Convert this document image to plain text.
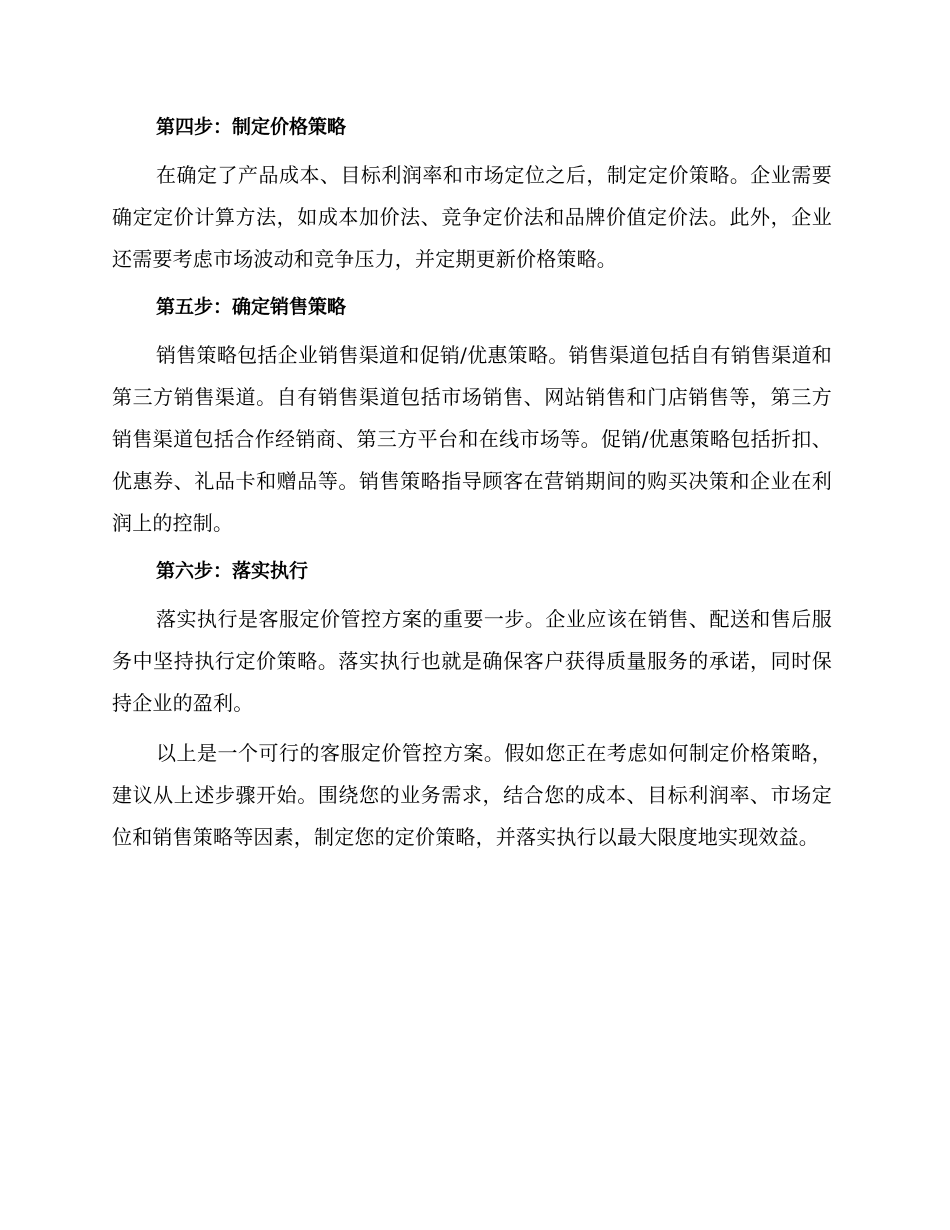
第四步：制定价格策略

在确定了产品成本、目标利润率和市场定位之后，制定定价策略。企业需要确定定价计算方法，如成本加价法、竞争定价法和品牌价值定价法。此外，企业还需要考虑市场波动和竞争压力，并定期更新价格策略。

第五步：确定销售策略

销售策略包括企业销售渠道和促销/优惠策略。销售渠道包括自有销售渠道和第三方销售渠道。自有销售渠道包括市场销售、网站销售和门店销售等，第三方销售渠道包括合作经销商、第三方平台和在线市场等。促销/优惠策略包括折扣、优惠券、礼品卡和赠品等。销售策略指导顾客在营销期间的购买决策和企业在利润上的控制。

第六步：落实执行

落实执行是客服定价管控方案的重要一步。企业应该在销售、配送和售后服务中坚持执行定价策略。落实执行也就是确保客户获得质量服务的承诺，同时保持企业的盈利。

以上是一个可行的客服定价管控方案。假如您正在考虑如何制定价格策略，建议从上述步骤开始。围绕您的业务需求，结合您的成本、目标利润率、市场定位和销售策略等因素，制定您的定价策略，并落实执行以最大限度地实现效益。
